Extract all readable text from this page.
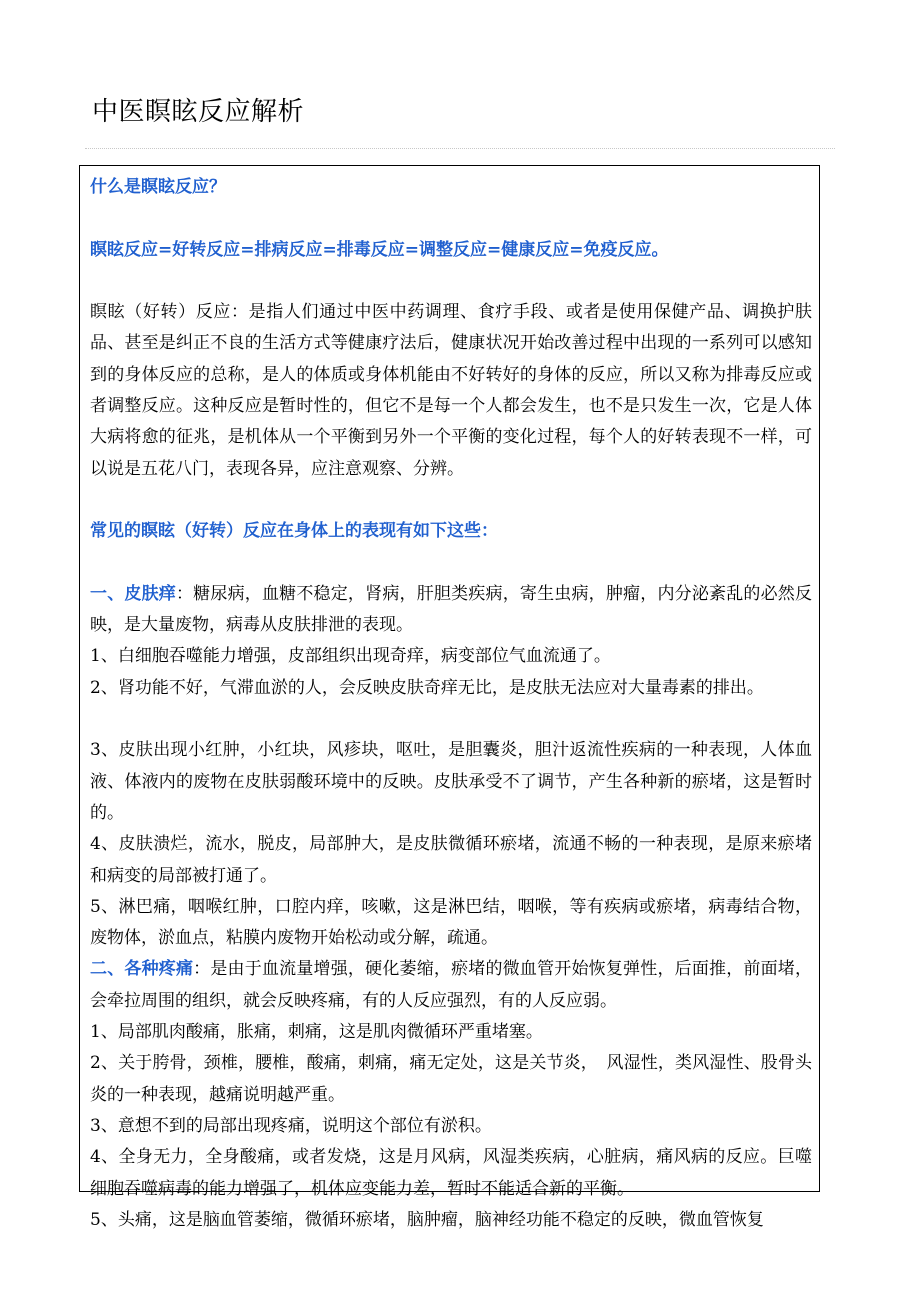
中医瞑眩反应解析

什么是瞑眩反应？

瞑眩反应=好转反应=排病反应=排毒反应=调整反应=健康反应=免疫反应。

瞑眩（好转）反应：是指人们通过中医中药调理、食疗手段、或者是使用保健产品、调换护肤品、甚至是纠正不良的生活方式等健康疗法后，健康状况开始改善过程中出现的一系列可以感知到的身体反应的总称，是人的体质或身体机能由不好转好的身体的反应，所以又称为排毒反应或者调整反应。这种反应是暂时性的，但它不是每一个人都会发生，也不是只发生一次，它是人体大病将愈的征兆，是机体从一个平衡到另外一个平衡的变化过程，每个人的好转表现不一样，可以说是五花八门，表现各异，应注意观察、分辨。

常见的瞑眩（好转）反应在身体上的表现有如下这些：

一、皮肤痒：糖尿病，血糖不稳定，肾病，肝胆类疾病，寄生虫病，肿瘤，内分泌紊乱的必然反映，是大量废物，病毒从皮肤排泄的表现。

1、白细胞吞噬能力增强，皮部组织出现奇痒，病变部位气血流通了。

2、肾功能不好，气滞血淤的人，会反映皮肤奇痒无比，是皮肤无法应对大量毒素的排出。

3、皮肤出现小红肿，小红块，风疹块，呕吐，是胆囊炎，胆汁返流性疾病的一种表现，人体血液、体液内的废物在皮肤弱酸环境中的反映。皮肤承受不了调节，产生各种新的瘀堵，这是暂时的。

4、皮肤溃烂，流水，脱皮，局部肿大，是皮肤微循环瘀堵，流通不畅的一种表现，是原来瘀堵和病变的局部被打通了。

5、淋巴痛，咽喉红肿，口腔内痒，咳嗽，这是淋巴结，咽喉，等有疾病或瘀堵，病毒结合物，废物体，淤血点，粘膜内废物开始松动或分解，疏通。

二、各种疼痛：是由于血流量增强，硬化萎缩，瘀堵的微血管开始恢复弹性，后面推，前面堵，会牵拉周围的组织，就会反映疼痛，有的人反应强烈，有的人反应弱。

1、局部肌肉酸痛，胀痛，刺痛，这是肌肉微循环严重堵塞。

2、关于胯骨，颈椎，腰椎，酸痛，刺痛，痛无定处，这是关节炎，　风湿性，类风湿性、股骨头炎的一种表现，越痛说明越严重。

3、意想不到的局部出现疼痛，说明这个部位有淤积。

4、全身无力，全身酸痛，或者发烧，这是月风病，风湿类疾病，心脏病，痛风病的反应。巨噬细胞吞噬病毒的能力增强了，机体应变能力差，暂时不能适合新的平衡。

5、头痛，这是脑血管萎缩，微循环瘀堵，脑肿瘤，脑神经功能不稳定的反映，微血管恢复
